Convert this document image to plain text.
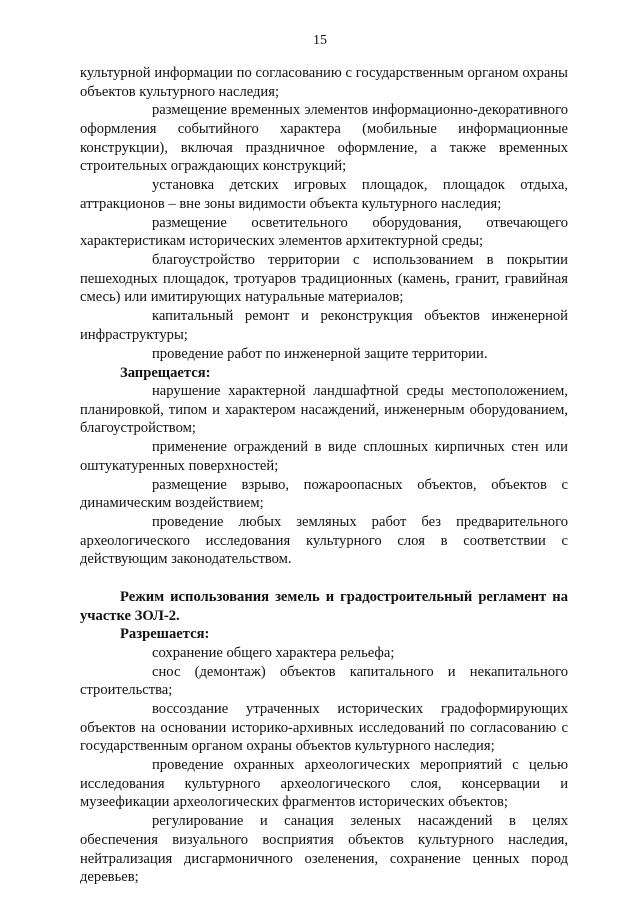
15

культурной информации по согласованию с государственным органом охраны объектов культурного наследия;

размещение временных элементов информационно-декоративного оформления событийного характера (мобильные информационные конструкции), включая праздничное оформление, а также временных строительных ограждающих конструкций;

установка детских игровых площадок, площадок отдыха, аттракционов – вне зоны видимости объекта культурного наследия;

размещение осветительного оборудования, отвечающего характеристикам исторических элементов архитектурной среды;

благоустройство территории с использованием в покрытии пешеходных площадок, тротуаров традиционных (камень, гранит, гравийная смесь) или имитирующих натуральные материалов;

капитальный ремонт и реконструкция объектов инженерной инфраструктуры;

проведение работ по инженерной защите территории.

Запрещается:

нарушение характерной ландшафтной среды местоположением, планировкой, типом и характером насаждений, инженерным оборудованием, благоустройством;

применение ограждений в виде сплошных кирпичных стен или оштукатуренных поверхностей;

размещение взрыво, пожароопасных объектов, объектов с динамическим воздействием;

проведение любых земляных работ без предварительного археологического исследования культурного слоя в соответствии с действующим законодательством.

Режим использования земель и градостроительный регламент на участке ЗОЛ-2.

Разрешается:

сохранение общего характера рельефа;

снос (демонтаж) объектов капитального и некапитального строительства;

воссоздание утраченных исторических градоформирующих объектов на основании историко-архивных исследований по согласованию с государственным органом охраны объектов культурного наследия;

проведение охранных археологических мероприятий с целью исследования культурного археологического слоя, консервации и музеефикации археологических фрагментов исторических объектов;

регулирование и санация зеленых насаждений в целях обеспечения визуального восприятия объектов культурного наследия, нейтрализация дисгармоничного озеленения, сохранение ценных пород деревьев;
